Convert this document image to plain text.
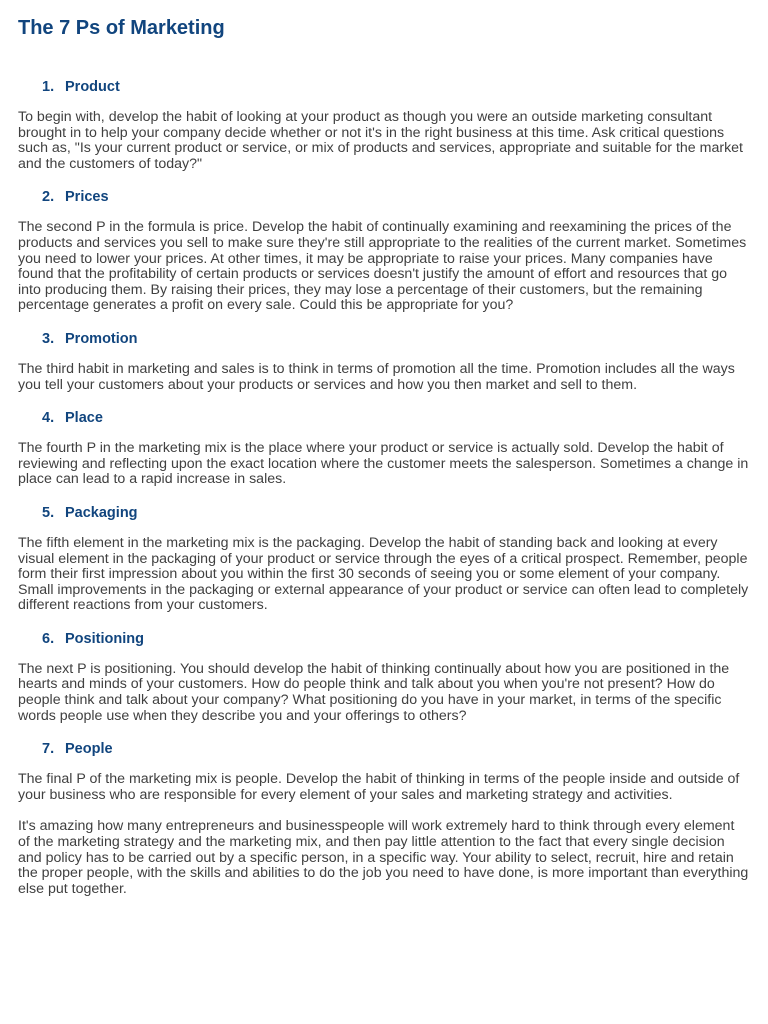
The 7 Ps of Marketing
1. Product

To begin with, develop the habit of looking at your product as though you were an outside marketing consultant brought in to help your company decide whether or not it's in the right business at this time. Ask critical questions such as, "Is your current product or service, or mix of products and services, appropriate and suitable for the market and the customers of today?"

2. Prices

The second P in the formula is price. Develop the habit of continually examining and reexamining the prices of the products and services you sell to make sure they're still appropriate to the realities of the current market. Sometimes you need to lower your prices. At other times, it may be appropriate to raise your prices. Many companies have found that the profitability of certain products or services doesn't justify the amount of effort and resources that go into producing them. By raising their prices, they may lose a percentage of their customers, but the remaining percentage generates a profit on every sale. Could this be appropriate for you?

3. Promotion

The third habit in marketing and sales is to think in terms of promotion all the time. Promotion includes all the ways you tell your customers about your products or services and how you then market and sell to them.

4. Place

The fourth P in the marketing mix is the place where your product or service is actually sold. Develop the habit of reviewing and reflecting upon the exact location where the customer meets the salesperson. Sometimes a change in place can lead to a rapid increase in sales.

5. Packaging

The fifth element in the marketing mix is the packaging. Develop the habit of standing back and looking at every visual element in the packaging of your product or service through the eyes of a critical prospect. Remember, people form their first impression about you within the first 30 seconds of seeing you or some element of your company. Small improvements in the packaging or external appearance of your product or service can often lead to completely different reactions from your customers.

6. Positioning

The next P is positioning. You should develop the habit of thinking continually about how you are positioned in the hearts and minds of your customers. How do people think and talk about you when you're not present? How do people think and talk about your company? What positioning do you have in your market, in terms of the specific words people use when they describe you and your offerings to others?

7. People

The final P of the marketing mix is people. Develop the habit of thinking in terms of the people inside and outside of your business who are responsible for every element of your sales and marketing strategy and activities.

It's amazing how many entrepreneurs and businesspeople will work extremely hard to think through every element of the marketing strategy and the marketing mix, and then pay little attention to the fact that every single decision and policy has to be carried out by a specific person, in a specific way. Your ability to select, recruit, hire and retain the proper people, with the skills and abilities to do the job you need to have done, is more important than everything else put together.
